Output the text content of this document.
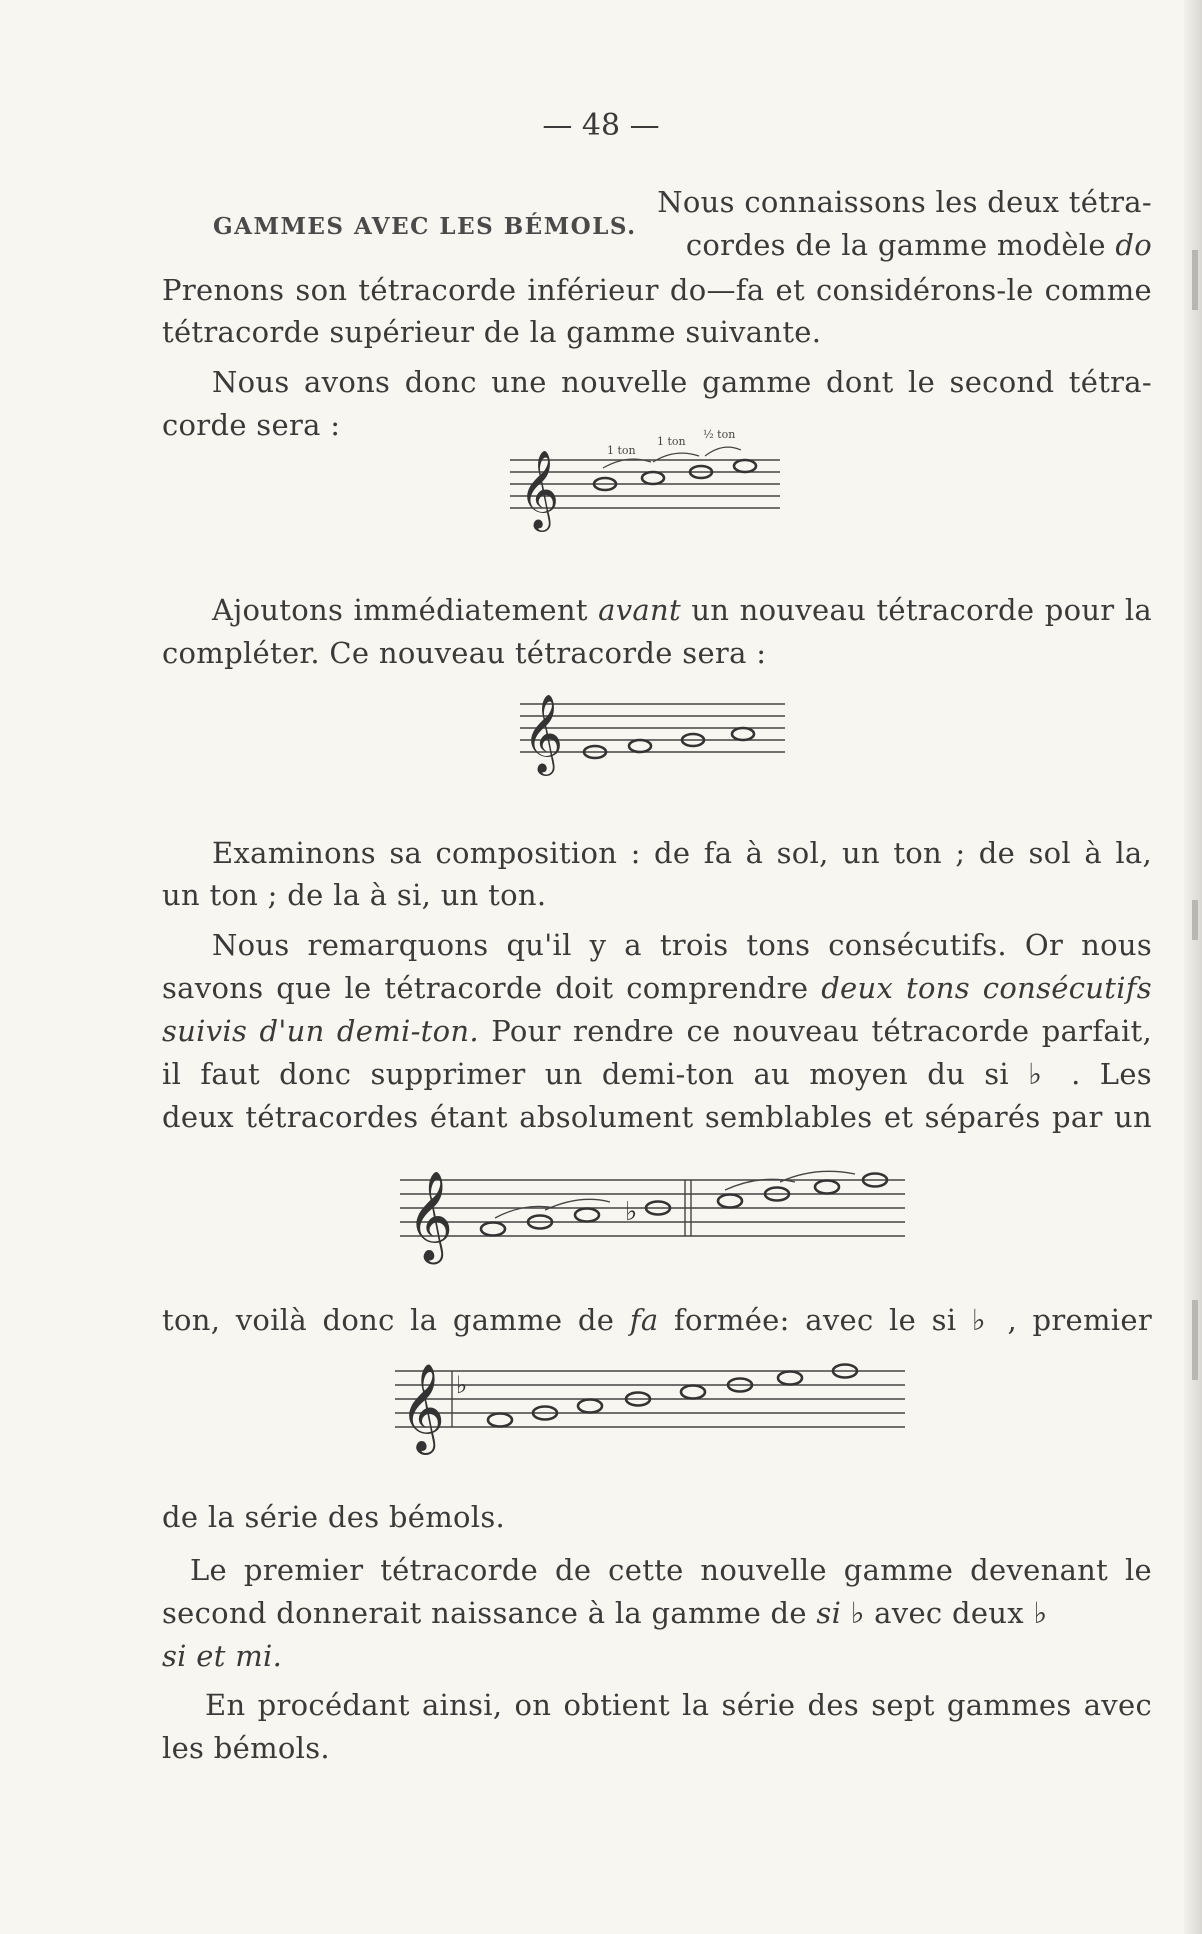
— 48 —
GAMMES AVEC LES BÉMOLS.
Nous connaissons les deux tétra-
cordes de la gamme modèle do
Prenons son tétracorde inférieur do—fa et considérons-le comme
tétracorde supérieur de la gamme suivante.
Nous avons donc une nouvelle gamme dont le second tétra-
corde sera :
𝄞	1 ton
1 ton
½ ton
Ajoutons immédiatement avant un nouveau tétracorde pour la
compléter. Ce nouveau tétracorde sera :
𝄞
Examinons sa composition : de fa à sol, un ton ; de sol à la,
un ton ; de la à si, un ton.
Nous remarquons qu'il y a trois tons consécutifs. Or nous
savons que le tétracorde doit comprendre deux tons consécutifs
suivis d'un demi-ton. Pour rendre ce nouveau tétracorde parfait,
il faut donc supprimer un demi-ton au moyen du si ♭ . Les
deux tétracordes étant absolument semblables et séparés par un
𝄞	♭
ton, voilà donc la gamme de fa formée: avec le si ♭ , premier
𝄞 ♭
de la série des bémols.
Le premier tétracorde de cette nouvelle gamme devenant le
second donnerait naissance à la gamme de si ♭ avec deux ♭
si et mi.
En procédant ainsi, on obtient la série des sept gammes avec
les bémols.
